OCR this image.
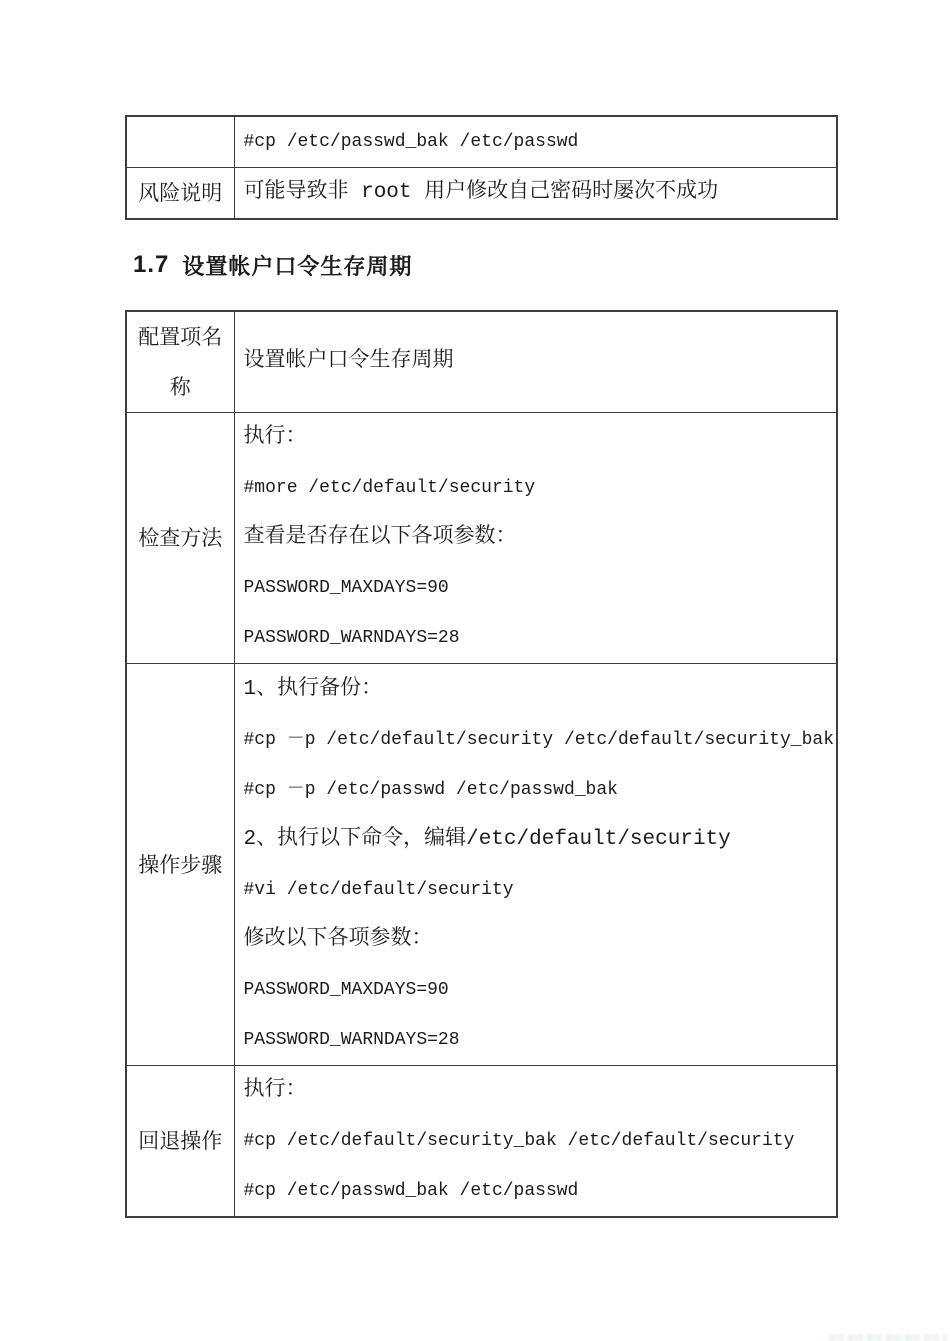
	#cp /etc/passwd_bak /etc/passwd

风险说明	可能导致非 root 用户修改自己密码时屡次不成功
1.7 设置帐户口令生存周期
配置项名称	设置帐户口令生存周期

检查方法	执行：
#more /etc/default/security
查看是否存在以下各项参数：
PASSWORD_MAXDAYS=90
PASSWORD_WARNDAYS=28

操作步骤	
1、执行备份：
#cp －p /etc/default/security /etc/default/security_bak
#cp －p /etc/passwd /etc/passwd_bak
2、执行以下命令，编辑/etc/default/security
#vi /etc/default/security
修改以下各项参数：
PASSWORD_MAXDAYS=90
PASSWORD_WARNDAYS=28

回退操作	执行：
#cp /etc/default/security_bak /etc/default/security
#cp /etc/passwd_bak /etc/passwd
